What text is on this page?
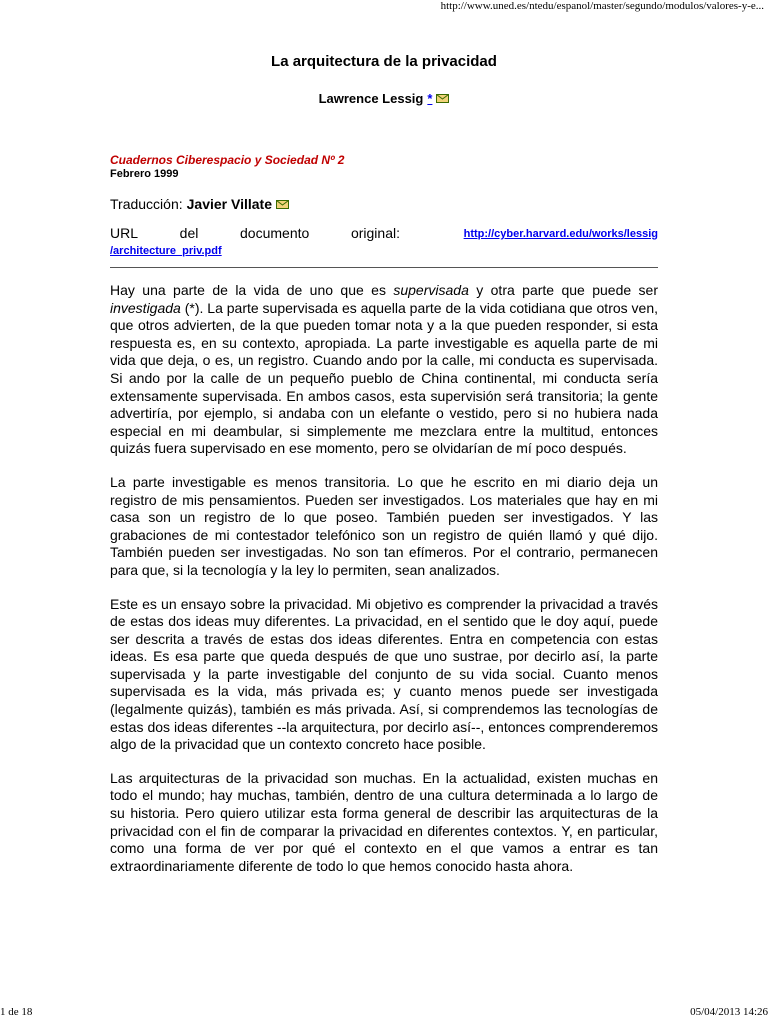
http://www.uned.es/ntedu/espanol/master/segundo/modulos/valores-y-e...
La arquitectura de la privacidad
Lawrence Lessig *
Cuadernos Ciberespacio y Sociedad Nº 2
Febrero 1999
Traducción: Javier Villate
URL	del	documento	original:	http://cyber.harvard.edu/works/lessig
/architecture_priv.pdf

Hay una parte de la vida de uno que es supervisada y otra parte que puede ser investigada (*). La parte supervisada es aquella parte de la vida cotidiana que otros ven, que otros advierten, de la que pueden tomar nota y a la que pueden responder, si esta respuesta es, en su contexto, apropiada. La parte investigable es aquella parte de mi vida que deja, o es, un registro. Cuando ando por la calle, mi conducta es supervisada. Si ando por la calle de un pequeño pueblo de China continental, mi conducta sería extensamente supervisada. En ambos casos, esta supervisión será transitoria; la gente advertiría, por ejemplo, si andaba con un elefante o vestido, pero si no hubiera nada especial en mi deambular, si simplemente me mezclara entre la multitud, entonces quizás fuera supervisado en ese momento, pero se olvidarían de mí poco después.

La parte investigable es menos transitoria. Lo que he escrito en mi diario deja un registro de mis pensamientos. Pueden ser investigados. Los materiales que hay en mi casa son un registro de lo que poseo. También pueden ser investigados. Y las grabaciones de mi contestador telefónico son un registro de quién llamó y qué dijo. También pueden ser investigadas. No son tan efímeros. Por el contrario, permanecen para que, si la tecnología y la ley lo permiten, sean analizados.

Este es un ensayo sobre la privacidad. Mi objetivo es comprender la privacidad a través de estas dos ideas muy diferentes. La privacidad, en el sentido que le doy aquí, puede ser descrita a través de estas dos ideas diferentes. Entra en competencia con estas ideas. Es esa parte que queda después de que uno sustrae, por decirlo así, la parte supervisada y la parte investigable del conjunto de su vida social. Cuanto menos supervisada es la vida, más privada es; y cuanto menos puede ser investigada (legalmente quizás), también es más privada. Así, si comprendemos las tecnologías de estas dos ideas diferentes --la arquitectura, por decirlo así--, entonces comprenderemos algo de la privacidad que un contexto concreto hace posible.

Las arquitecturas de la privacidad son muchas. En la actualidad, existen muchas en todo el mundo; hay muchas, también, dentro de una cultura determinada a lo largo de su historia. Pero quiero utilizar esta forma general de describir las arquitecturas de la privacidad con el fin de comparar la privacidad en diferentes contextos. Y, en particular, como una forma de ver por qué el contexto en el que vamos a entrar es tan extraordinariamente diferente de todo lo que hemos conocido hasta ahora.

1 de 18	05/04/2013 14:26
